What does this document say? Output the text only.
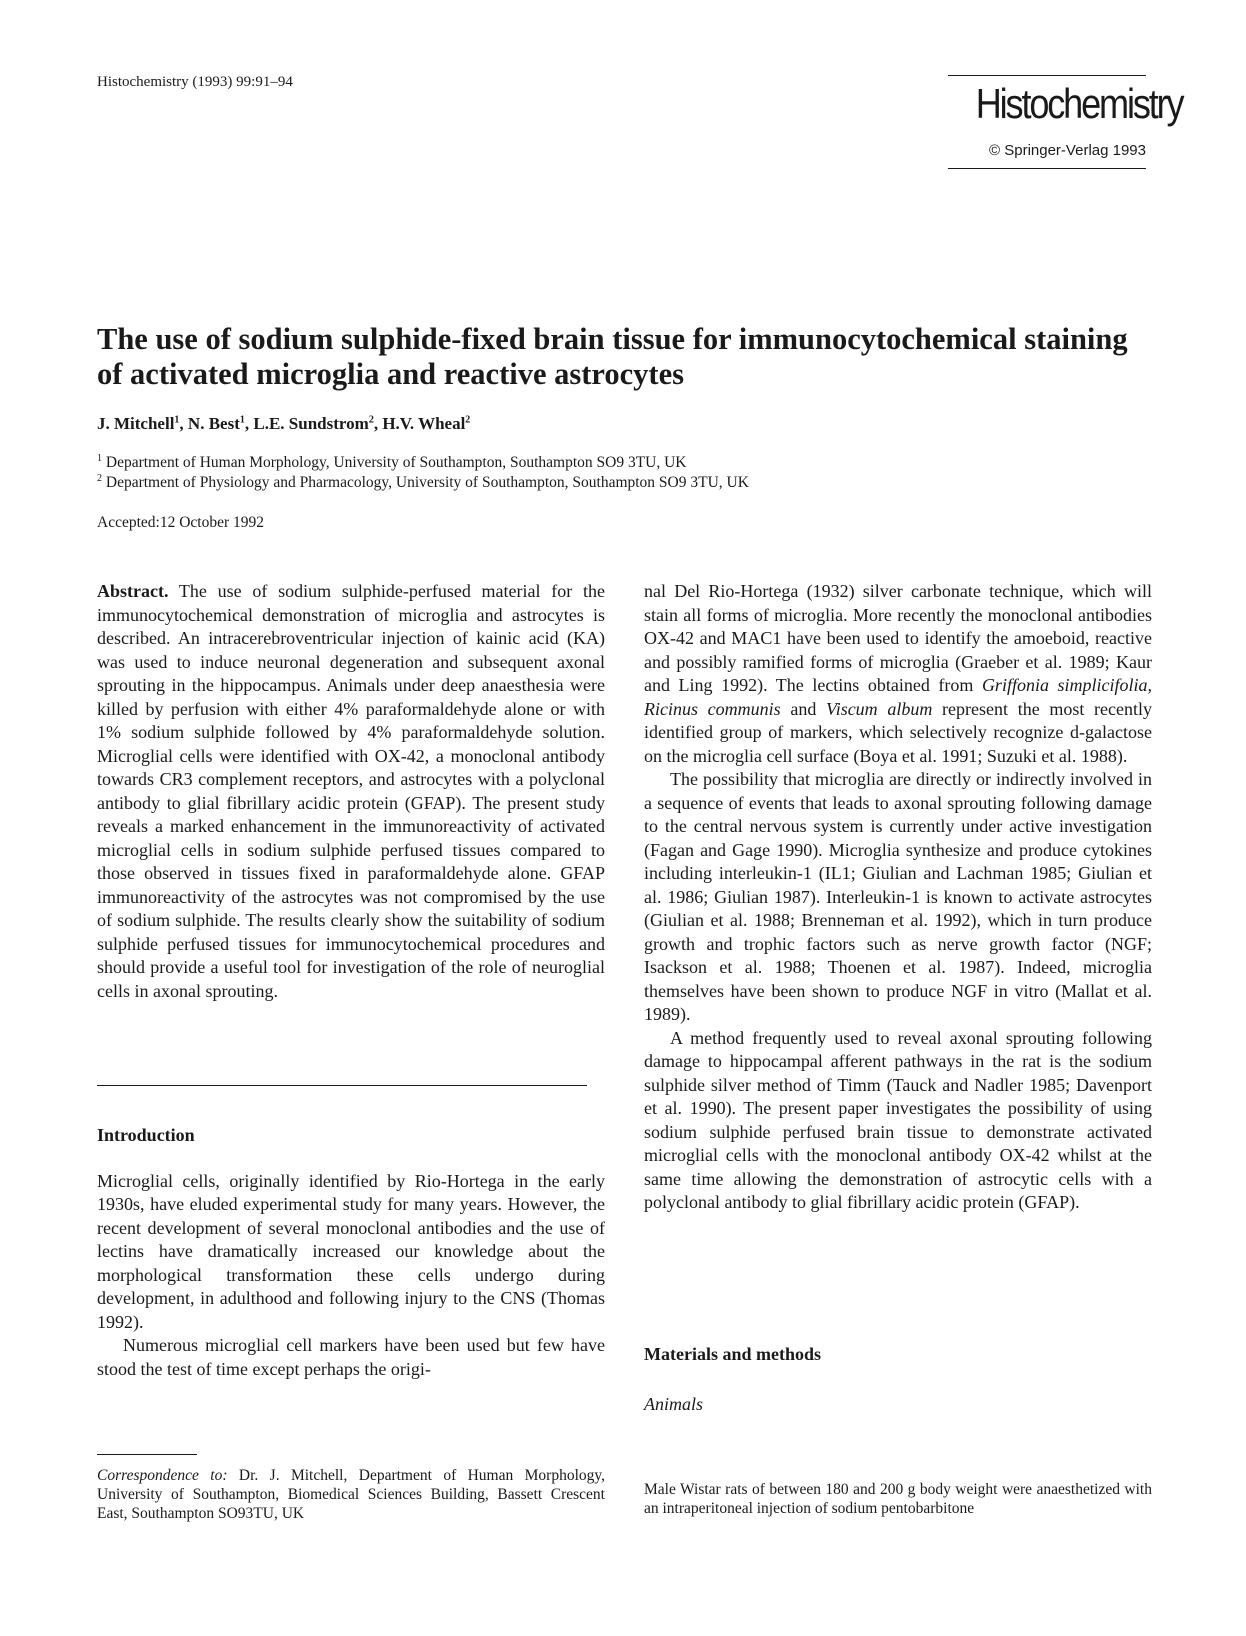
Histochemistry (1993) 99:91–94	Histochemistry
© Springer-Verlag 1993
The use of sodium sulphide-fixed brain tissue for immunocytochemical staining of activated microglia and reactive astrocytes
J. Mitchell$^1$, N. Best$^1$, L.E. Sundstrom$^2$, H.V. Wheal$^2$
$^1$ Department of Human Morphology, University of Southampton, Southampton SO9 3TU, UK
$^2$ Department of Physiology and Pharmacology, University of Southampton, Southampton SO9 3TU, UK
Accepted:12 October 1992

Abstract. The use of sodium sulphide-perfused material for the immunocytochemical demonstration of microglia and astrocytes is described. An intracerebroventricular injection of kainic acid (KA) was used to induce neuronal degeneration and subsequent axonal sprouting in the hippocampus. Animals under deep anaesthesia were killed by perfusion with either 4% paraformaldehyde alone or with 1% sodium sulphide followed by 4% paraformaldehyde solution. Microglial cells were identified with OX-42, a monoclonal antibody towards CR3 complement receptors, and astrocytes with a polyclonal antibody to glial fibrillary acidic protein (GFAP). The present study reveals a marked enhancement in the immunoreactivity of activated microglial cells in sodium sulphide perfused tissues compared to those observed in tissues fixed in paraformaldehyde alone. GFAP immunoreactivity of the astrocytes was not compromised by the use of sodium sulphide. The results clearly show the suitability of sodium sulphide perfused tissues for immunocytochemical procedures and should provide a useful tool for investigation of the role of neuroglial cells in axonal sprouting.

Introduction

Microglial cells, originally identified by Rio-Hortega in the early 1930s, have eluded experimental study for many years. However, the recent development of several monoclonal antibodies and the use of lectins have dramatically increased our knowledge about the morphological transformation these cells undergo during development, in adulthood and following injury to the CNS (Thomas 1992).

Numerous microglial cell markers have been used but few have stood the test of time except perhaps the origi-

Correspondence to: Dr. J. Mitchell, Department of Human Morphology, University of Southampton, Biomedical Sciences Building, Bassett Crescent East, Southampton SO93TU, UK

nal Del Rio-Hortega (1932) silver carbonate technique, which will stain all forms of microglia. More recently the monoclonal antibodies OX-42 and MAC1 have been used to identify the amoeboid, reactive and possibly ramified forms of microglia (Graeber et al. 1989; Kaur and Ling 1992). The lectins obtained from Griffonia simplicifolia, Ricinus communis and Viscum album represent the most recently identified group of markers, which selectively recognize d-galactose on the microglia cell surface (Boya et al. 1991; Suzuki et al. 1988).

The possibility that microglia are directly or indirectly involved in a sequence of events that leads to axonal sprouting following damage to the central nervous system is currently under active investigation (Fagan and Gage 1990). Microglia synthesize and produce cytokines including interleukin-1 (IL1; Giulian and Lachman 1985; Giulian et al. 1986; Giulian 1987). Interleukin-1 is known to activate astrocytes (Giulian et al. 1988; Brenneman et al. 1992), which in turn produce growth and trophic factors such as nerve growth factor (NGF; Isackson et al. 1988; Thoenen et al. 1987). Indeed, microglia themselves have been shown to produce NGF in vitro (Mallat et al. 1989).

A method frequently used to reveal axonal sprouting following damage to hippocampal afferent pathways in the rat is the sodium sulphide silver method of Timm (Tauck and Nadler 1985; Davenport et al. 1990). The present paper investigates the possibility of using sodium sulphide perfused brain tissue to demonstrate activated microglial cells with the monoclonal antibody OX-42 whilst at the same time allowing the demonstration of astrocytic cells with a polyclonal antibody to glial fibrillary acidic protein (GFAP).

Materials and methods
Animals
Male Wistar rats of between 180 and 200 g body weight were anaesthetized with an intraperitoneal injection of sodium pentobarbitone
